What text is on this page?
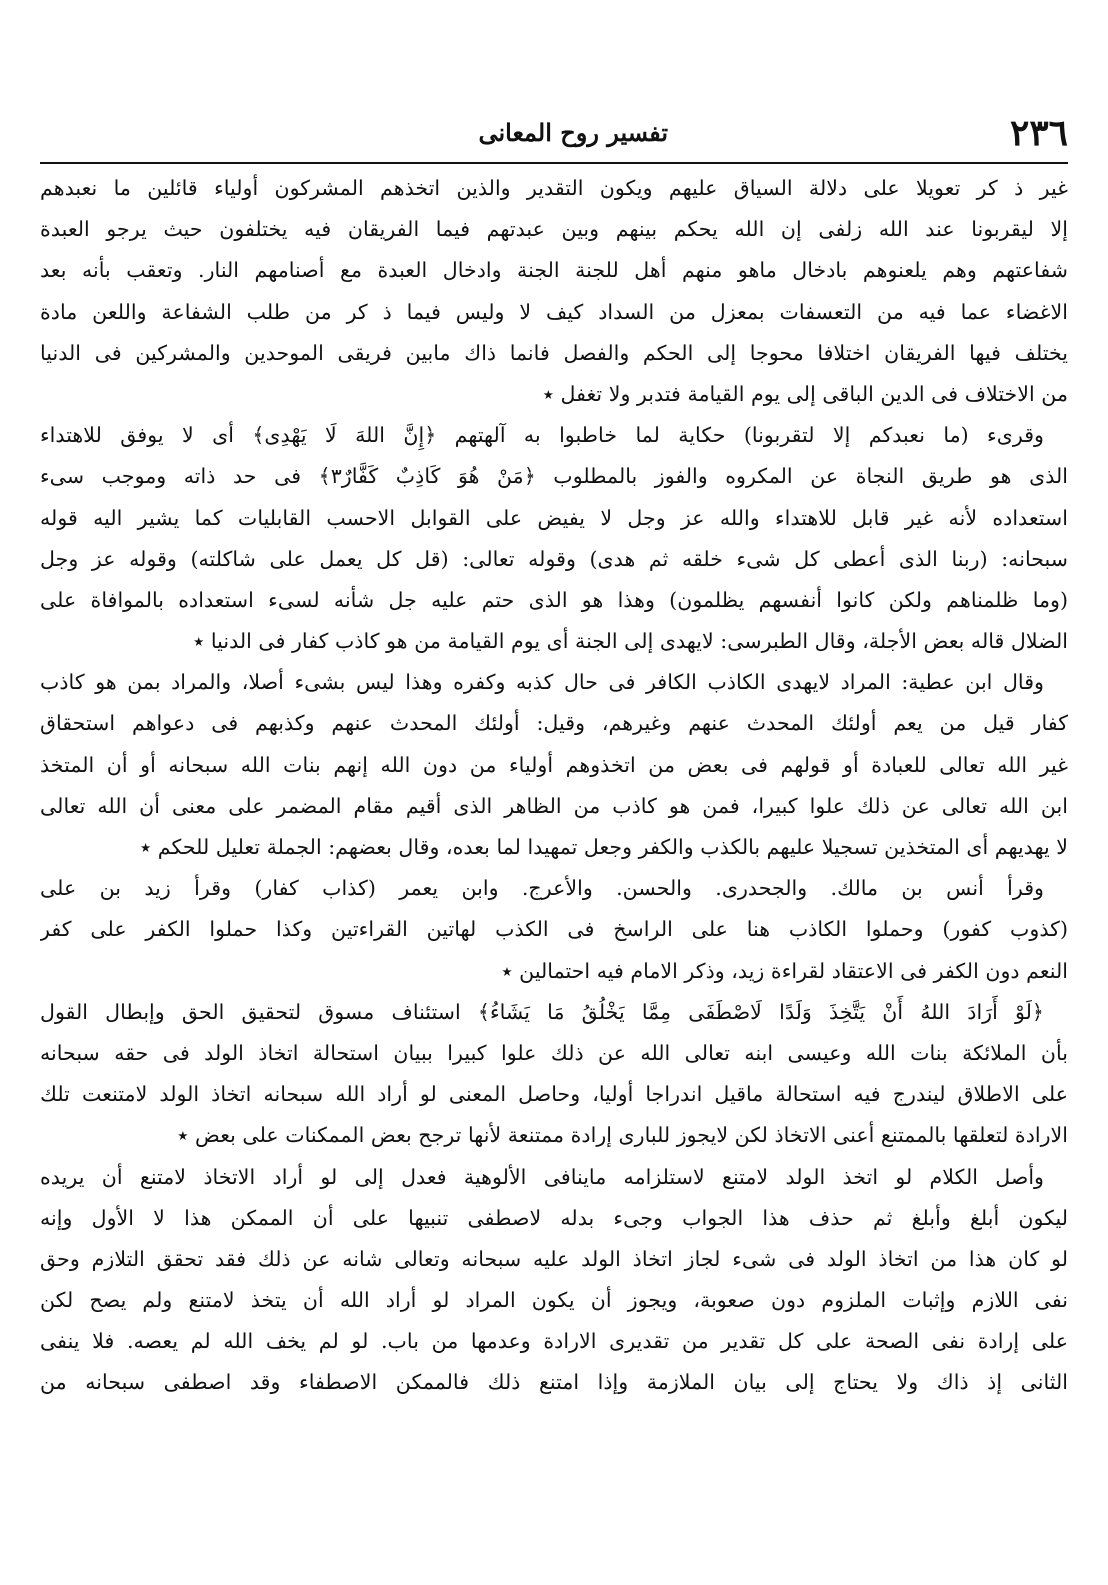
٢٣٦
تفسير روح المعانى
غير ذ كر تعويلا على دلالة السياق عليهم ويكون التقدير والذين اتخذهم المشركون أولياء قائلين ما نعبدهم
إلا ليقربونا عند الله زلفى إن الله يحكم بينهم وبين عبدتهم فيما الفريقان فيه يختلفون حيث يرجو العبدة
شفاعتهم وهم يلعنوهم بادخال ماهو منهم أهل للجنة الجنة وادخال العبدة مع أصنامهم النار. وتعقب بأنه بعد
الاغضاء عما فيه من التعسفات بمعزل من السداد كيف لا وليس فيما ذ كر من طلب الشفاعة واللعن مادة
يختلف فيها الفريقان اختلافا محوجا إلى الحكم والفصل فانما ذاك مابين فريقى الموحدين والمشركين فى الدنيا
من الاختلاف فى الدين الباقى إلى يوم القيامة فتدبر ولا تغفل ٭
وقرىء (ما نعبدكم إلا لتقربونا) حكاية لما خاطبوا به آلهتهم ﴿إِنَّ اللهَ لَا يَهْدِى﴾ أى لا يوفق للاهتداء
الذى هو طريق النجاة عن المكروه والفوز بالمطلوب ﴿مَنْ هُوَ كَاذِبٌ كَفَّارٌ٣﴾ فى حد ذاته وموجب سىء
استعداده لأنه غير قابل للاهتداء والله عز وجل لا يفيض على القوابل الاحسب القابليات كما يشير اليه قوله
سبحانه: (ربنا الذى أعطى كل شىء خلقه ثم هدى) وقوله تعالى: (قل كل يعمل على شاكلته) وقوله عز وجل
(وما ظلمناهم ولكن كانوا أنفسهم يظلمون) وهذا هو الذى حتم عليه جل شأنه لسىء استعداده بالموافاة على
الضلال قاله بعض الأجلة، وقال الطبرسى: لايهدى إلى الجنة أى يوم القيامة من هو كاذب كفار فى الدنيا ٭
وقال ابن عطية: المراد لايهدى الكاذب الكافر فى حال كذبه وكفره وهذا ليس بشىء أصلا، والمراد بمن هو كاذب
كفار قيل من يعم أولئك المحدث عنهم وغيرهم، وقيل: أولئك المحدث عنهم وكذبهم فى دعواهم استحقاق
غير الله تعالى للعبادة أو قولهم فى بعض من اتخذوهم أولياء من دون الله إنهم بنات الله سبحانه أو أن المتخذ
ابن الله تعالى عن ذلك علوا كبيرا، فمن هو كاذب من الظاهر الذى أقيم مقام المضمر على معنى أن الله تعالى
لا يهديهم أى المتخذين تسجيلا عليهم بالكذب والكفر وجعل تمهيدا لما بعده، وقال بعضهم: الجملة تعليل للحكم ٭
وقرأ أنس بن مالك. والجحدرى. والحسن. والأعرج. وابن يعمر (كذاب كفار) وقرأ زيد بن على
(كذوب كفور) وحملوا الكاذب هنا على الراسخ فى الكذب لهاتين القراءتين وكذا حملوا الكفر على كفر
النعم دون الكفر فى الاعتقاد لقراءة زيد، وذكر الامام فيه احتمالين ٭
﴿لَوْ أَرَادَ اللهُ أَنْ يَتَّخِذَ وَلَدًا لَاصْطَفَى مِمَّا يَخْلُقُ مَا يَشَاءُ﴾ استئناف مسوق لتحقيق الحق وإبطال القول
بأن الملائكة بنات الله وعيسى ابنه تعالى الله عن ذلك علوا كبيرا ببيان استحالة اتخاذ الولد فى حقه سبحانه
على الاطلاق ليندرج فيه استحالة ماقيل اندراجا أوليا، وحاصل المعنى لو أراد الله سبحانه اتخاذ الولد لامتنعت تلك
الارادة لتعلقها بالممتنع أعنى الاتخاذ لكن لايجوز للبارى إرادة ممتنعة لأنها ترجح بعض الممكنات على بعض ٭
وأصل الكلام لو اتخذ الولد لامتنع لاستلزامه ماينافى الألوهية فعدل إلى لو أراد الاتخاذ لامتنع أن يريده
ليكون أبلغ وأبلغ ثم حذف هذا الجواب وجىء بدله لاصطفى تنبيها على أن الممكن هذا لا الأول وإنه
لو كان هذا من اتخاذ الولد فى شىء لجاز اتخاذ الولد عليه سبحانه وتعالى شانه عن ذلك فقد تحقق التلازم وحق
نفى اللازم وإثبات الملزوم دون صعوبة، ويجوز أن يكون المراد لو أراد الله أن يتخذ لامتنع ولم يصح لكن
على إرادة نفى الصحة على كل تقدير من تقديرى الارادة وعدمها من باب. لو لم يخف الله لم يعصه. فلا ينفى
الثانى إذ ذاك ولا يحتاج إلى بيان الملازمة وإذا امتنع ذلك فالممكن الاصطفاء وقد اصطفى سبحانه من
